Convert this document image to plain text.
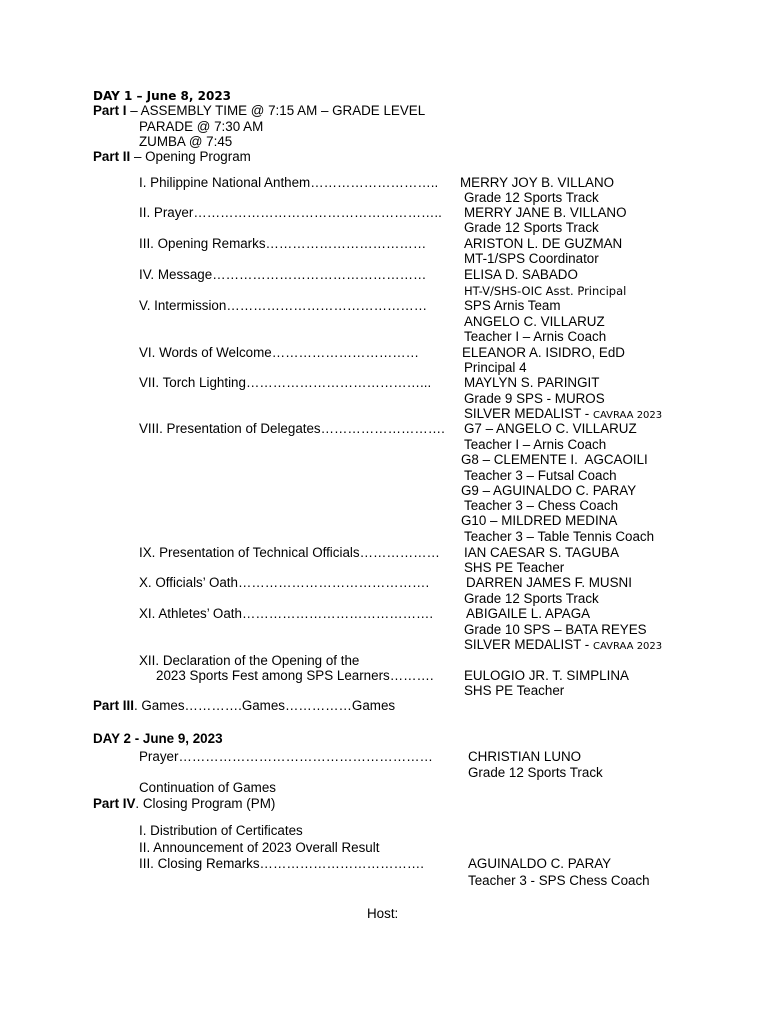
DAY 1 – June 8, 2023
Part I – ASSEMBLY TIME @ 7:15 AM – GRADE LEVEL
PARADE @ 7:30 AM
ZUMBA @ 7:45
Part II – Opening Program
I. Philippine National Anthem……………………….. MERRY JOY B. VILLANO
Grade 12 Sports Track
II. Prayer……………………………………………….. MERRY JANE B. VILLANO
Grade 12 Sports Track
III. Opening Remarks………………………………	ARISTON L. DE GUZMAN
MT-1/SPS Coordinator
IV. Message…………………………………………	ELISA D. SABADO
HT-V/SHS-OIC Asst. Principal
V. Intermission………………………………………	SPS Arnis Team
ANGELO C. VILLARUZ
Teacher I – Arnis Coach
VI. Words of Welcome……………………………	ELEANOR A. ISIDRO, EdD
Principal 4
VII. Torch Lighting…………………………………... MAYLYN S. PARINGIT
Grade 9 SPS - MUROS
SILVER MEDALIST - CAVRAA 2023
VIII. Presentation of Delegates………………………. G7 – ANGELO C. VILLARUZ
Teacher I – Arnis Coach
G8 – CLEMENTE I.  AGCAOILI
Teacher 3 – Futsal Coach
G9 – AGUINALDO C. PARAY
Teacher 3 – Chess Coach
G10 – MILDRED MEDINA
Teacher 3 – Table Tennis Coach
IX. Presentation of Technical Officials……………… IAN CAESAR S. TAGUBA
SHS PE Teacher
X. Officials’ Oath…………………………………….	DARREN JAMES F. MUSNI
Grade 12 Sports Track
XI. Athletes’ Oath……………………………………. ABIGAILE L. APAGA
Grade 10 SPS – BATA REYES
SILVER MEDALIST - CAVRAA 2023
XII. Declaration of the Opening of the
2023 Sports Fest among SPS Learners………. EULOGIO JR. T. SIMPLINA
SHS PE Teacher
Part III. Games………….Games……………Games
DAY 2 - June 9, 2023
Prayer…………………………………………………	CHRISTIAN LUNO
Grade 12 Sports Track
Continuation of Games
Part IV. Closing Program (PM)
I. Distribution of Certificates
II. Announcement of 2023 Overall Result
III. Closing Remarks……………………………….	AGUINALDO C. PARAY
Teacher 3 - SPS Chess Coach
Host:
